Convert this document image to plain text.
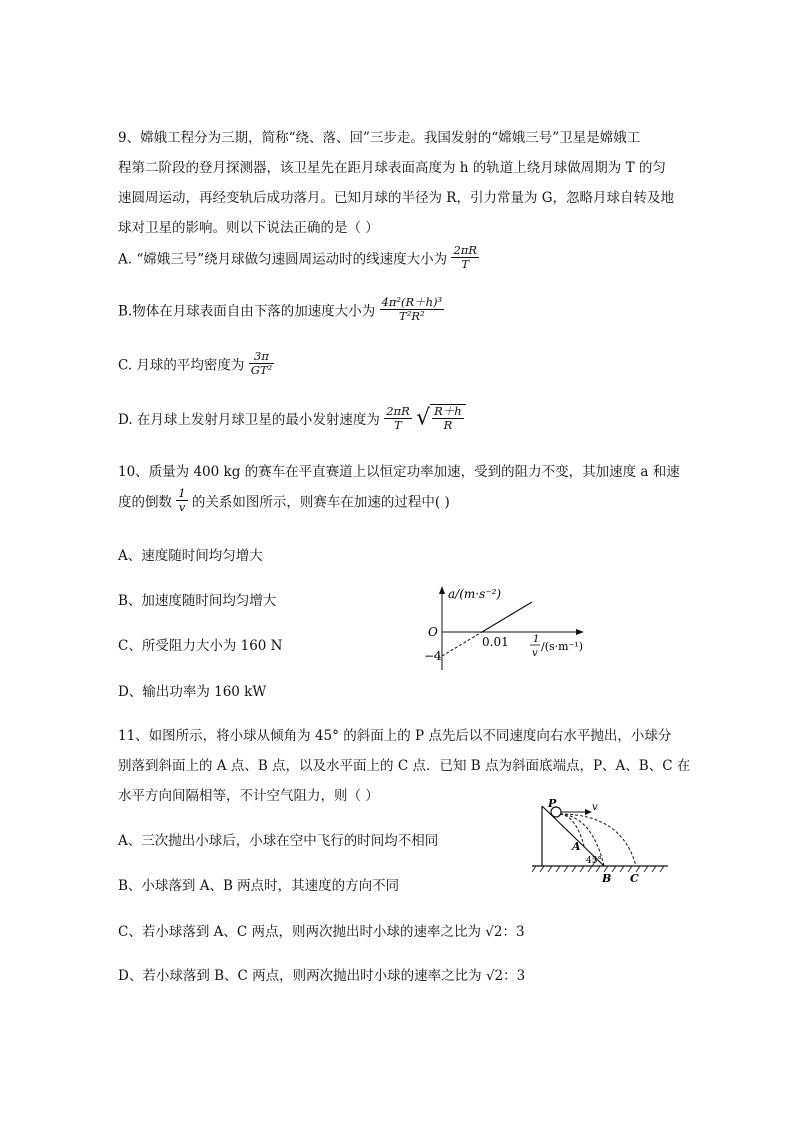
9、嫦娥工程分为三期，简称“绕、落、回”三步走。我国发射的“嫦娥三号”卫星是嫦娥工
程第二阶段的登月探测器，该卫星先在距月球表面高度为 h 的轨道上绕月球做周期为 T 的匀
速圆周运动，再经变轨后成功落月。已知月球的半径为 R，引力常量为 G，忽略月球自转及地
球对卫星的影响。则以下说法正确的是（ ）
A. “嫦娥三号”绕月球做匀速圆周运动时的线速度大小为 $\frac{2\pi R}{T}$
B.物体在月球表面自由下落的加速度大小为 $\frac{\text{4π²(R＋h)³}}{\text{T²R²}}$
C. 月球的平均密度为 $\frac{3\pi}{\text{GT²}}$
D. 在月球上发射月球卫星的最小发射速度为 $\frac{2\pi R}{T}$ √ $\frac{R+h}{R}$
10、质量为 400 kg 的赛车在平直赛道上以恒定功率加速，受到的阻力不变，其加速度 a 和速
度的倒数 $\frac{1}{v}$ 的关系如图所示，则赛车在加速的过程中( )
A、速度随时间均匀增大
B、加速度随时间均匀增大
C、所受阻力大小为 160 N
D、输出功率为 160 kW
a/(m·s⁻²)
O
−4
0.01 1
v
/(s·m⁻¹)
11、如图所示，将小球从倾角为 45° 的斜面上的 P 点先后以不同速度向右水平抛出，小球分
别落到斜面上的 A 点、B 点，以及水平面上的 C 点．已知 B 点为斜面底端点，P、A、B、C 在
水平方向间隔相等，不计空气阻力，则（ ）
A、三次抛出小球后，小球在空中飞行的时间均不相同
B、小球落到 A、B 两点时，其速度的方向不同
C、若小球落到 A、C 两点，则两次抛出时小球的速率之比为 √2：3
D、若小球落到 B、C 两点，则两次抛出时小球的速率之比为 √2：3
P	v
A
45°
B C
